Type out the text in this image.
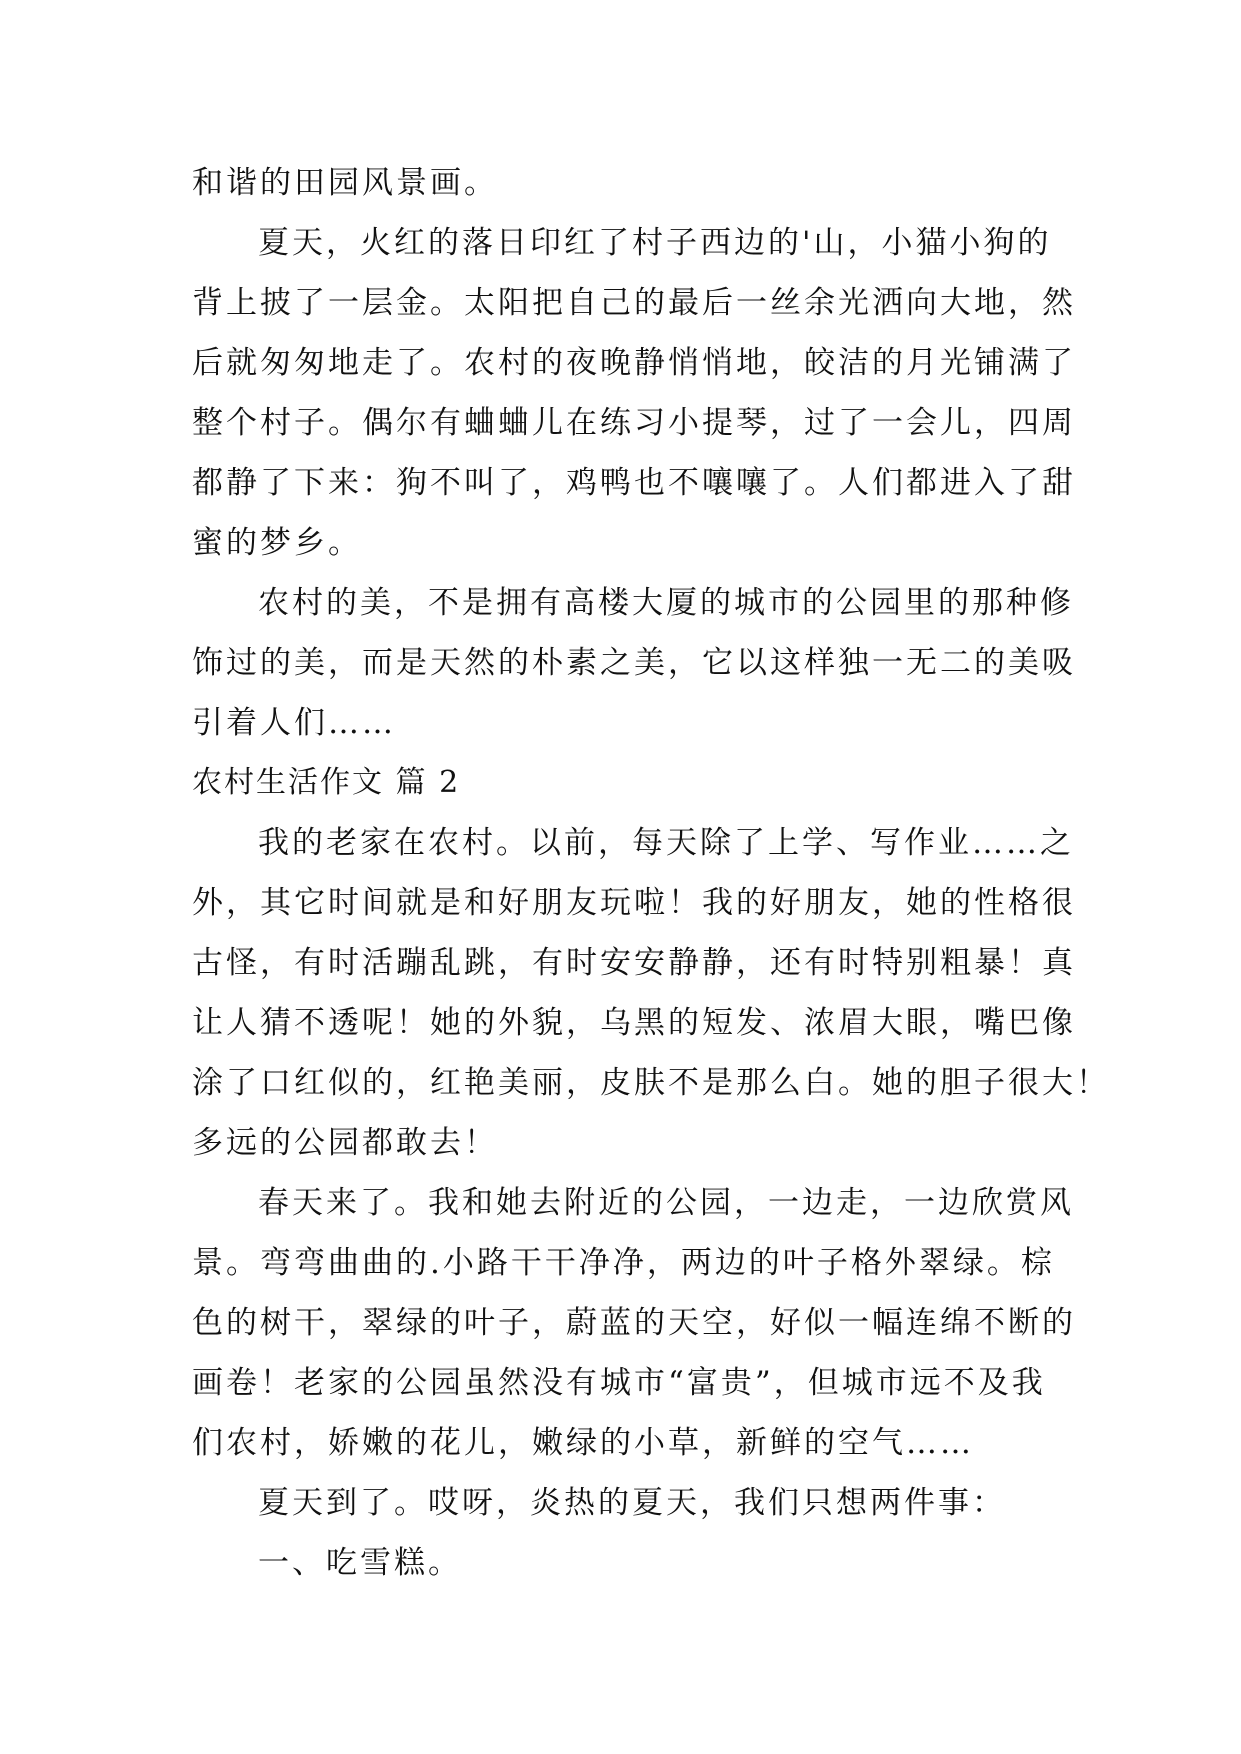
和谐的田园风景画。
夏天，火红的落日印红了村子西边的'山，小猫小狗的
背上披了一层金。太阳把自己的最后一丝余光洒向大地，然
后就匆匆地走了。农村的夜晚静悄悄地，皎洁的月光铺满了
整个村子。偶尔有蛐蛐儿在练习小提琴，过了一会儿，四周
都静了下来：狗不叫了，鸡鸭也不嚷嚷了。人们都进入了甜
蜜的梦乡。
农村的美，不是拥有高楼大厦的城市的公园里的那种修
饰过的美，而是天然的朴素之美，它以这样独一无二的美吸
引着人们……
农村生活作文 篇 2
我的老家在农村。以前，每天除了上学、写作业……之
外，其它时间就是和好朋友玩啦！我的好朋友，她的性格很
古怪，有时活蹦乱跳，有时安安静静，还有时特别粗暴！真
让人猜不透呢！她的外貌，乌黑的短发、浓眉大眼，嘴巴像
涂了口红似的，红艳美丽，皮肤不是那么白。她的胆子很大！
多远的公园都敢去！
春天来了。我和她去附近的公园，一边走，一边欣赏风
景。弯弯曲曲的.小路干干净净，两边的叶子格外翠绿。棕
色的树干，翠绿的叶子，蔚蓝的天空，好似一幅连绵不断的
画卷！老家的公园虽然没有城市“富贵”，但城市远不及我
们农村，娇嫩的花儿，嫩绿的小草，新鲜的空气……
夏天到了。哎呀，炎热的夏天，我们只想两件事：
一、吃雪糕。
